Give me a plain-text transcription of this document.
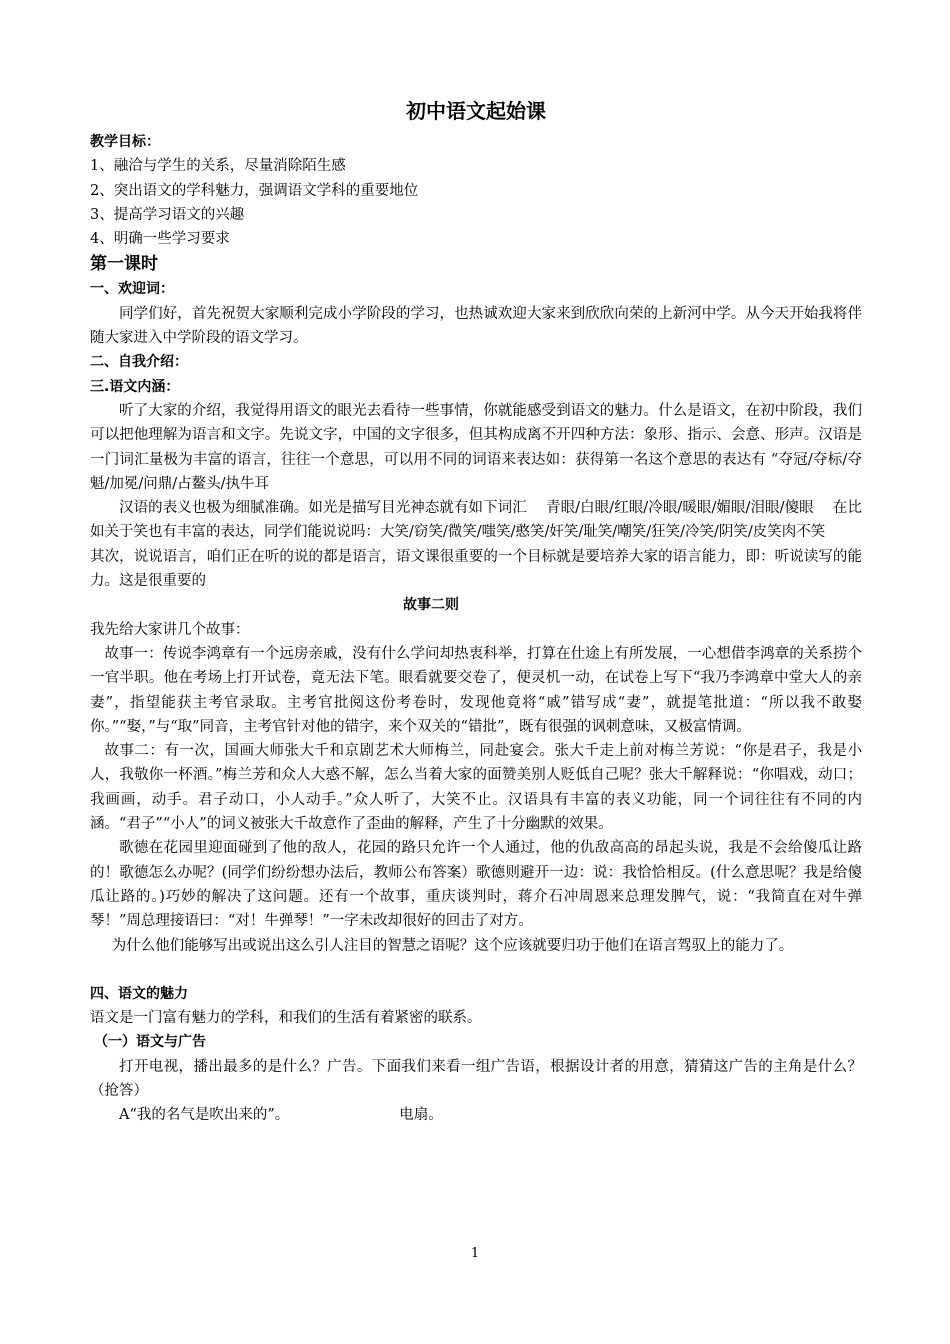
初中语文起始课
教学目标：
1、融洽与学生的关系，尽量消除陌生感
2、突出语文的学科魅力，强调语文学科的重要地位
3、提高学习语文的兴趣
4、明确一些学习要求
第一课时
一、欢迎词：

同学们好，首先祝贺大家顺利完成小学阶段的学习，也热诚欢迎大家来到欣欣向荣的上新河中学。从今天开始我将伴随大家进入中学阶段的语文学习。

二、自我介绍：
三.语文内涵：

听了大家的介绍，我觉得用语文的眼光去看待一些事情，你就能感受到语文的魅力。什么是语文，在初中阶段，我们可以把他理解为语言和文字。先说文字，中国的文字很多，但其构成离不开四种方法：象形、指示、会意、形声。汉语是一门词汇量极为丰富的语言，往往一个意思，可以用不同的词语来表达如：获得第一名这个意思的表达有 “夺冠/夺标/夺魁/加冕/问鼎/占鳌头/执牛耳

汉语的表义也极为细腻准确。如光是描写目光神态就有如下词汇　 青眼/白眼/红眼/冷眼/暖眼/媚眼/泪眼/傻眼　 在比如关于笑也有丰富的表达，同学们能说说吗：大笑/窃笑/微笑/嗤笑/憨笑/奸笑/耻笑/嘲笑/狂笑/冷笑/阴笑/皮笑肉不笑

其次，说说语言，咱们正在听的说的都是语言，语文课很重要的一个目标就是要培养大家的语言能力，即：听说读写的能力。这是很重要的

故事二则
我先给大家讲几个故事：

故事一：传说李鸿章有一个远房亲戚，没有什么学问却热衷科举，打算在仕途上有所发展，一心想借李鸿章的关系捞个一官半职。他在考场上打开试卷，竟无法下笔。眼看就要交卷了，便灵机一动，在试卷上写下“我乃李鸿章中堂大人的亲妻”，指望能获主考官录取。主考官批阅这份考卷时，发现他竟将“戚”错写成“妻”，就提笔批道：“所以我不敢娶你。”“娶，”与“取”同音，主考官针对他的错字，来个双关的“错批”，既有很强的讽刺意味，又极富情调。

故事二：有一次，国画大师张大千和京剧艺术大师梅兰，同赴宴会。张大千走上前对梅兰芳说：“你是君子，我是小人，我敬你一杯酒。”梅兰芳和众人大惑不解，怎么当着大家的面赞美别人贬低自己呢？张大千解释说：“你唱戏，动口；我画画，动手。君子动口，小人动手。”众人听了，大笑不止。汉语具有丰富的表义功能，同一个词往往有不同的内涵。“君子”“小人”的词义被张大千故意作了歪曲的解释，产生了十分幽默的效果。

歌德在花园里迎面碰到了他的敌人，花园的路只允许一个人通过，他的仇敌高高的昂起头说，我是不会给傻瓜让路的！歌德怎么办呢？(同学们纷纷想办法后，教师公布答案）歌德则避开一边：说：我恰恰相反。(什么意思呢？我是给傻瓜让路的。)巧妙的解决了这问题。还有一个故事，重庆谈判时，蒋介石冲周恩来总理发脾气，说：“我简直在对牛弹琴！”周总理接语曰：“对！牛弹琴！”一字未改却很好的回击了对方。

为什么他们能够写出或说出这么引人注目的智慧之语呢？这个应该就要归功于他们在语言驾驭上的能力了。

四、语文的魅力
语文是一门富有魅力的学科，和我们的生活有着紧密的联系。
（一）语文与广告

打开电视，播出最多的是什么？广告。下面我们来看一组广告语，根据设计者的用意，猜猜这广告的主角是什么？（抢答）

A“我的名气是吹出来的”。	电扇。
1
